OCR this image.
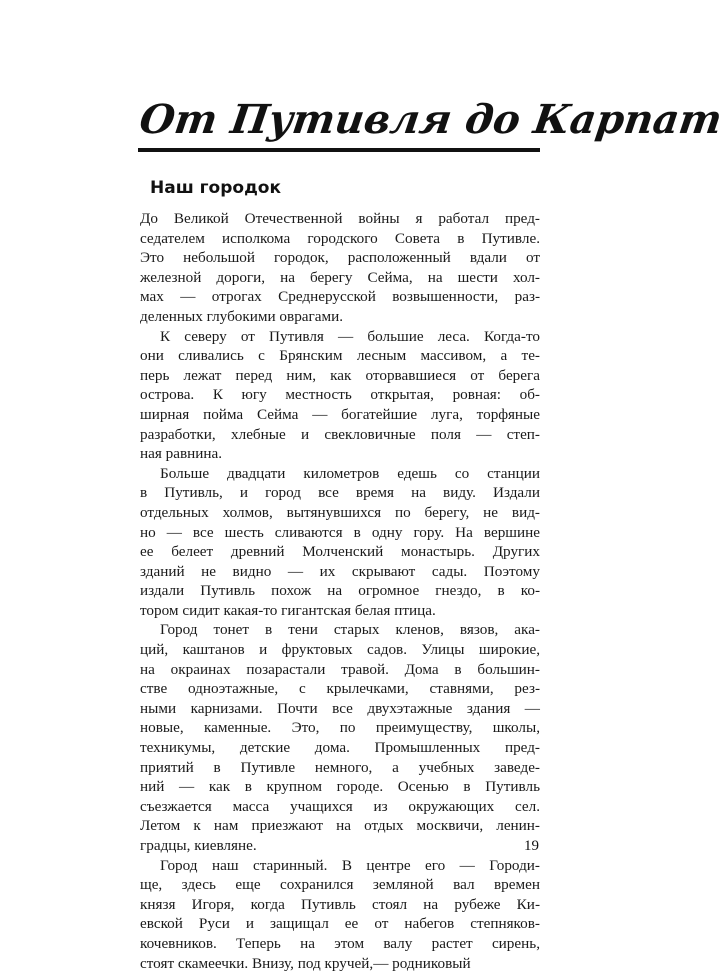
От Путивля до Карпат
Наш городок
До Великой Отечественной войны я работал пред-
седателем исполкома городского Совета в Путивле.
Это небольшой городок, расположенный вдали от
железной дороги, на берегу Сейма, на шести хол-
мах — отрогах Среднерусской возвышенности, раз-
деленных глубокими оврагами.
К северу от Путивля — большие леса. Когда-то
они сливались с Брянским лесным массивом, а те-
перь лежат перед ним, как оторвавшиеся от берега
острова. К югу местность открытая, ровная: об-
ширная пойма Сейма — богатейшие луга, торфяные
разработки, хлебные и свекловичные поля — степ-
ная равнина.
Больше двадцати километров едешь со станции
в Путивль, и город все время на виду. Издали
отдельных холмов, вытянувшихся по берегу, не вид-
но — все шесть сливаются в одну гору. На вершине
ее белеет древний Молченский монастырь. Других
зданий не видно — их скрывают сады. Поэтому
издали Путивль похож на огромное гнездо, в ко-
тором сидит какая-то гигантская белая птица.
Город тонет в тени старых кленов, вязов, ака-
ций, каштанов и фруктовых садов. Улицы широкие,
на окраинах позарастали травой. Дома в большин-
стве одноэтажные, с крылечками, ставнями, рез-
ными карнизами. Почти все двухэтажные здания —
новые, каменные. Это, по преимуществу, школы,
техникумы, детские дома. Промышленных пред-
приятий в Путивле немного, а учебных заведе-
ний — как в крупном городе. Осенью в Путивль
съезжается масса учащихся из окружающих сел.
Летом к нам приезжают на отдых москвичи, ленин-
градцы, киевляне.
Город наш старинный. В центре его — Городи-
ще, здесь еще сохранился земляной вал времен
князя Игоря, когда Путивль стоял на рубеже Ки-
евской Руси и защищал ее от набегов степняков-
кочевников. Теперь на этом валу растет сирень,
стоят скамеечки. Внизу, под кручей,— родниковый
19
